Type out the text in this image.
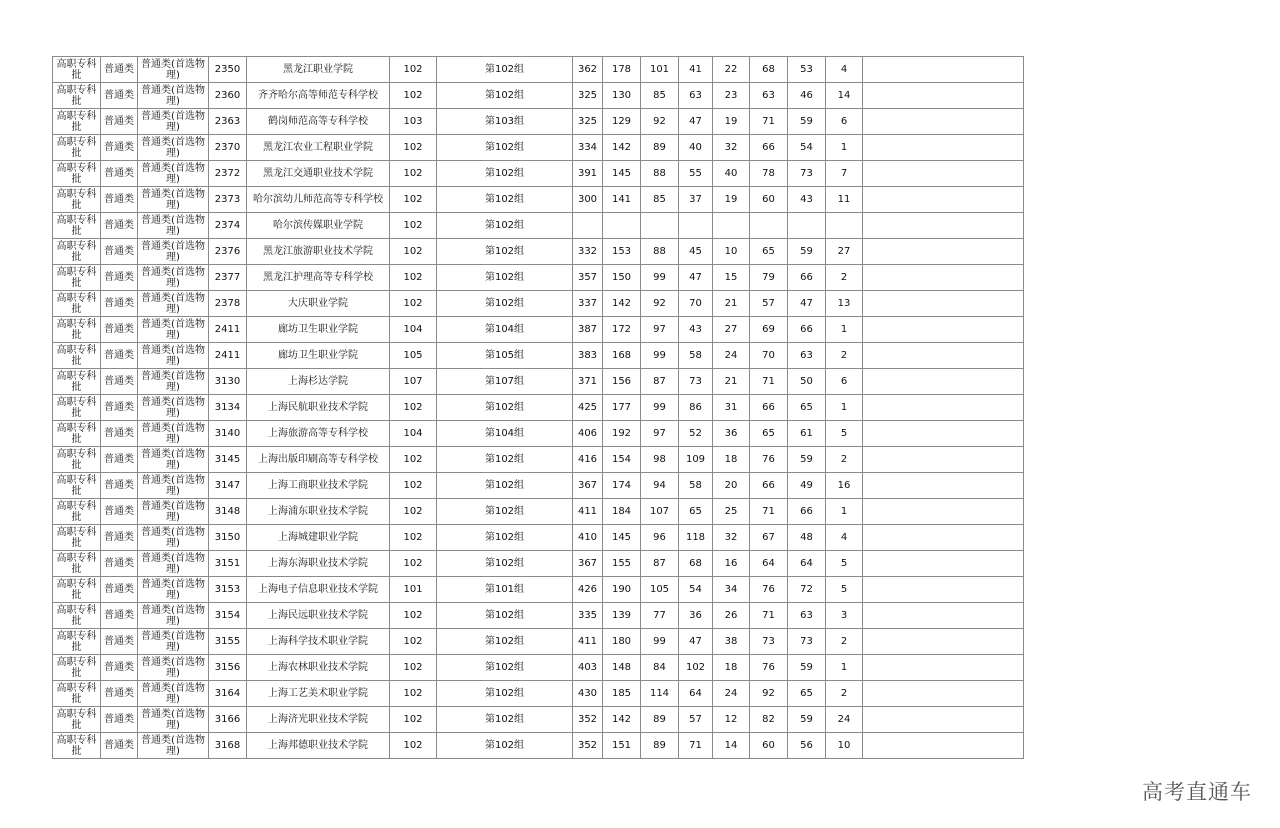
高职专科批	普通类	普通类(首选物理)	2350	黑龙江职业学院	102	第102组	362	178	101	41	22	68	53	4	
高职专科批	普通类	普通类(首选物理)	2360	齐齐哈尔高等师范专科学校	102	第102组	325	130	85	63	23	63	46	14	
高职专科批	普通类	普通类(首选物理)	2363	鹤岗师范高等专科学校	103	第103组	325	129	92	47	19	71	59	6	
高职专科批	普通类	普通类(首选物理)	2370	黑龙江农业工程职业学院	102	第102组	334	142	89	40	32	66	54	1	
高职专科批	普通类	普通类(首选物理)	2372	黑龙江交通职业技术学院	102	第102组	391	145	88	55	40	78	73	7	
高职专科批	普通类	普通类(首选物理)	2373	哈尔滨幼儿师范高等专科学校	102	第102组	300	141	85	37	19	60	43	11	
高职专科批	普通类	普通类(首选物理)	2374	哈尔滨传媒职业学院	102	第102组									
高职专科批	普通类	普通类(首选物理)	2376	黑龙江旅游职业技术学院	102	第102组	332	153	88	45	10	65	59	27	
高职专科批	普通类	普通类(首选物理)	2377	黑龙江护理高等专科学校	102	第102组	357	150	99	47	15	79	66	2	
高职专科批	普通类	普通类(首选物理)	2378	大庆职业学院	102	第102组	337	142	92	70	21	57	47	13	
高职专科批	普通类	普通类(首选物理)	2411	廊坊卫生职业学院	104	第104组	387	172	97	43	27	69	66	1	
高职专科批	普通类	普通类(首选物理)	2411	廊坊卫生职业学院	105	第105组	383	168	99	58	24	70	63	2	
高职专科批	普通类	普通类(首选物理)	3130	上海杉达学院	107	第107组	371	156	87	73	21	71	50	6	
高职专科批	普通类	普通类(首选物理)	3134	上海民航职业技术学院	102	第102组	425	177	99	86	31	66	65	1	
高职专科批	普通类	普通类(首选物理)	3140	上海旅游高等专科学校	104	第104组	406	192	97	52	36	65	61	5	
高职专科批	普通类	普通类(首选物理)	3145	上海出版印刷高等专科学校	102	第102组	416	154	98	109	18	76	59	2	
高职专科批	普通类	普通类(首选物理)	3147	上海工商职业技术学院	102	第102组	367	174	94	58	20	66	49	16	
高职专科批	普通类	普通类(首选物理)	3148	上海浦东职业技术学院	102	第102组	411	184	107	65	25	71	66	1	
高职专科批	普通类	普通类(首选物理)	3150	上海城建职业学院	102	第102组	410	145	96	118	32	67	48	4	
高职专科批	普通类	普通类(首选物理)	3151	上海东海职业技术学院	102	第102组	367	155	87	68	16	64	64	5	
高职专科批	普通类	普通类(首选物理)	3153	上海电子信息职业技术学院	101	第101组	426	190	105	54	34	76	72	5	
高职专科批	普通类	普通类(首选物理)	3154	上海民远职业技术学院	102	第102组	335	139	77	36	26	71	63	3	
高职专科批	普通类	普通类(首选物理)	3155	上海科学技术职业学院	102	第102组	411	180	99	47	38	73	73	2	
高职专科批	普通类	普通类(首选物理)	3156	上海农林职业技术学院	102	第102组	403	148	84	102	18	76	59	1	
高职专科批	普通类	普通类(首选物理)	3164	上海工艺美术职业学院	102	第102组	430	185	114	64	24	92	65	2	
高职专科批	普通类	普通类(首选物理)	3166	上海济光职业技术学院	102	第102组	352	142	89	57	12	82	59	24	
高职专科批	普通类	普通类(首选物理)	3168	上海邦德职业技术学院	102	第102组	352	151	89	71	14	60	56	10	
高考直通车
